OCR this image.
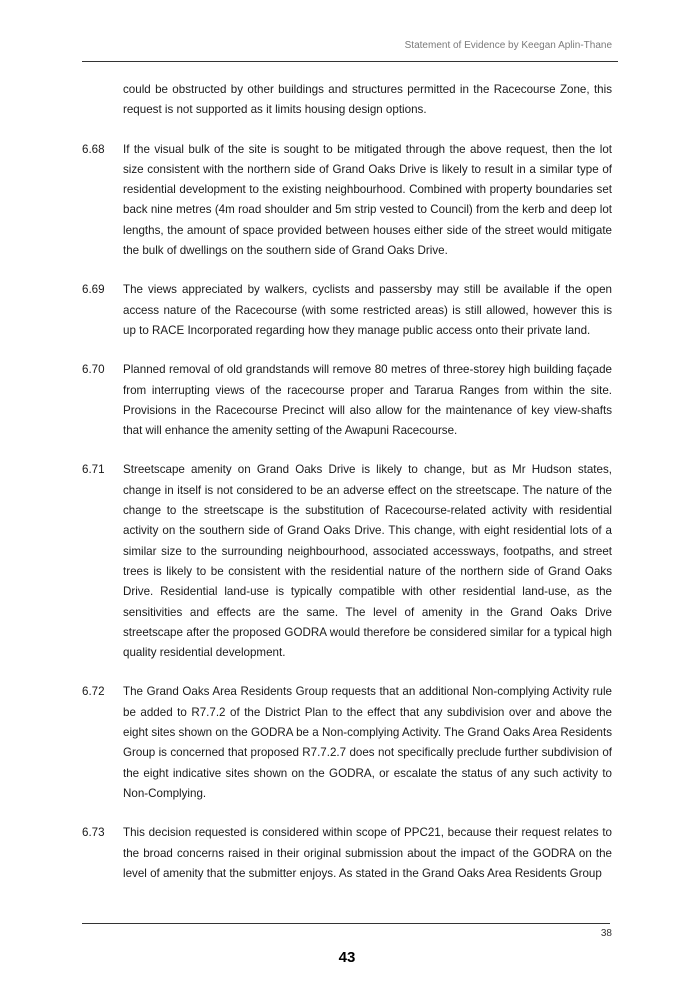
Statement of Evidence by Keegan Aplin-Thane

could be obstructed by other buildings and structures permitted in the Racecourse Zone, this request is not supported as it limits housing design options.

6.68 If the visual bulk of the site is sought to be mitigated through the above request, then the lot size consistent with the northern side of Grand Oaks Drive is likely to result in a similar type of residential development to the existing neighbourhood. Combined with property boundaries set back nine metres (4m road shoulder and 5m strip vested to Council) from the kerb and deep lot lengths, the amount of space provided between houses either side of the street would mitigate the bulk of dwellings on the southern side of Grand Oaks Drive.

6.69 The views appreciated by walkers, cyclists and passersby may still be available if the open access nature of the Racecourse (with some restricted areas) is still allowed, however this is up to RACE Incorporated regarding how they manage public access onto their private land.

6.70 Planned removal of old grandstands will remove 80 metres of three-storey high building façade from interrupting views of the racecourse proper and Tararua Ranges from within the site. Provisions in the Racecourse Precinct will also allow for the maintenance of key view-shafts that will enhance the amenity setting of the Awapuni Racecourse.

6.71 Streetscape amenity on Grand Oaks Drive is likely to change, but as Mr Hudson states, change in itself is not considered to be an adverse effect on the streetscape. The nature of the change to the streetscape is the substitution of Racecourse-related activity with residential activity on the southern side of Grand Oaks Drive. This change, with eight residential lots of a similar size to the surrounding neighbourhood, associated accessways, footpaths, and street trees is likely to be consistent with the residential nature of the northern side of Grand Oaks Drive. Residential land-use is typically compatible with other residential land-use, as the sensitivities and effects are the same. The level of amenity in the Grand Oaks Drive streetscape after the proposed GODRA would therefore be considered similar for a typical high quality residential development.

6.72 The Grand Oaks Area Residents Group requests that an additional Non-complying Activity rule be added to R7.7.2 of the District Plan to the effect that any subdivision over and above the eight sites shown on the GODRA be a Non-complying Activity. The Grand Oaks Area Residents Group is concerned that proposed R7.7.2.7 does not specifically preclude further subdivision of the eight indicative sites shown on the GODRA, or escalate the status of any such activity to Non-Complying.

6.73 This decision requested is considered within scope of PPC21, because their request relates to the broad concerns raised in their original submission about the impact of the GODRA on the level of amenity that the submitter enjoys. As stated in the Grand Oaks Area Residents Group

38
43
